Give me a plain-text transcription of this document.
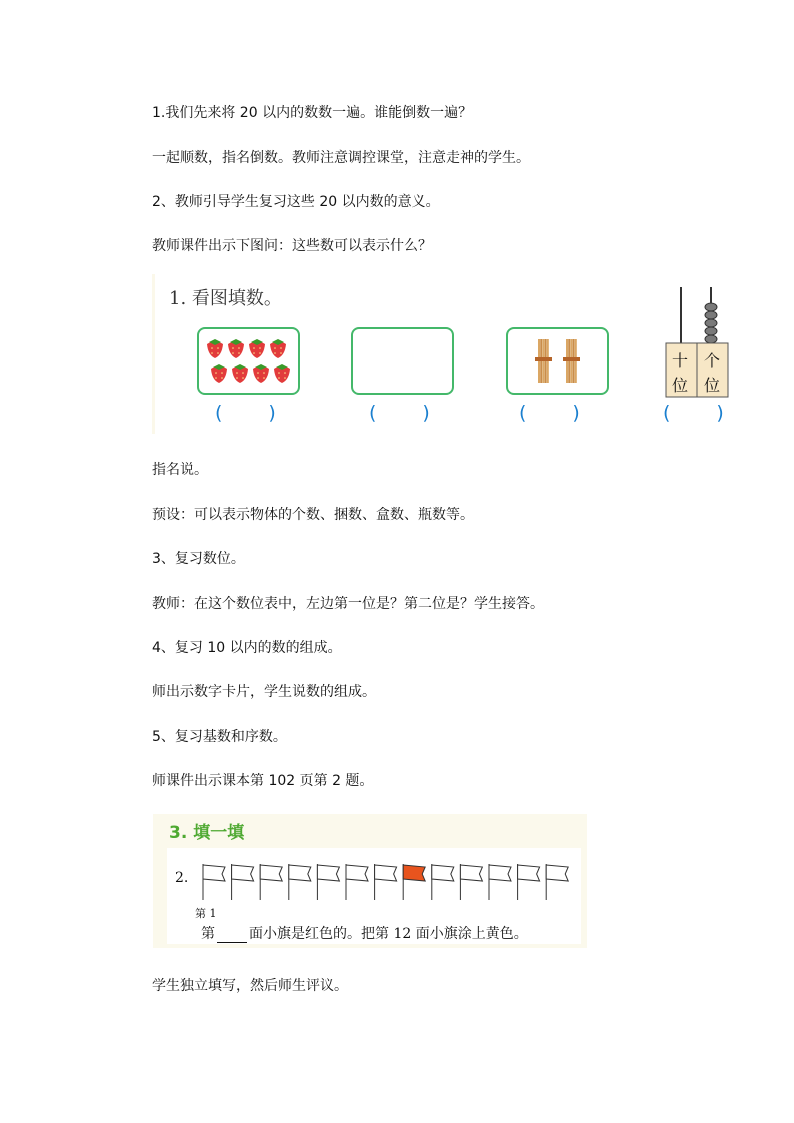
1.我们先来将 20 以内的数数一遍。谁能倒数一遍？
一起顺数，指名倒数。教师注意调控课堂，注意走神的学生。
2、教师引导学生复习这些 20 以内数的意义。
教师课件出示下图问：这些数可以表示什么？
1. 看图填数。
( )	( )	( )
十 个
位 位
( )
指名说。
预设：可以表示物体的个数、捆数、盒数、瓶数等。
3、复习数位。
教师：在这个数位表中，左边第一位是？第二位是？学生接答。
4、复习 10 以内的数的组成。
师出示数字卡片，学生说数的组成。
5、复习基数和序数。
师课件出示课本第 102 页第 2 题。
3. 填一填
2.
第 1
第 面小旗是红色的。把第 12 面小旗涂上黄色。
学生独立填写，然后师生评议。
